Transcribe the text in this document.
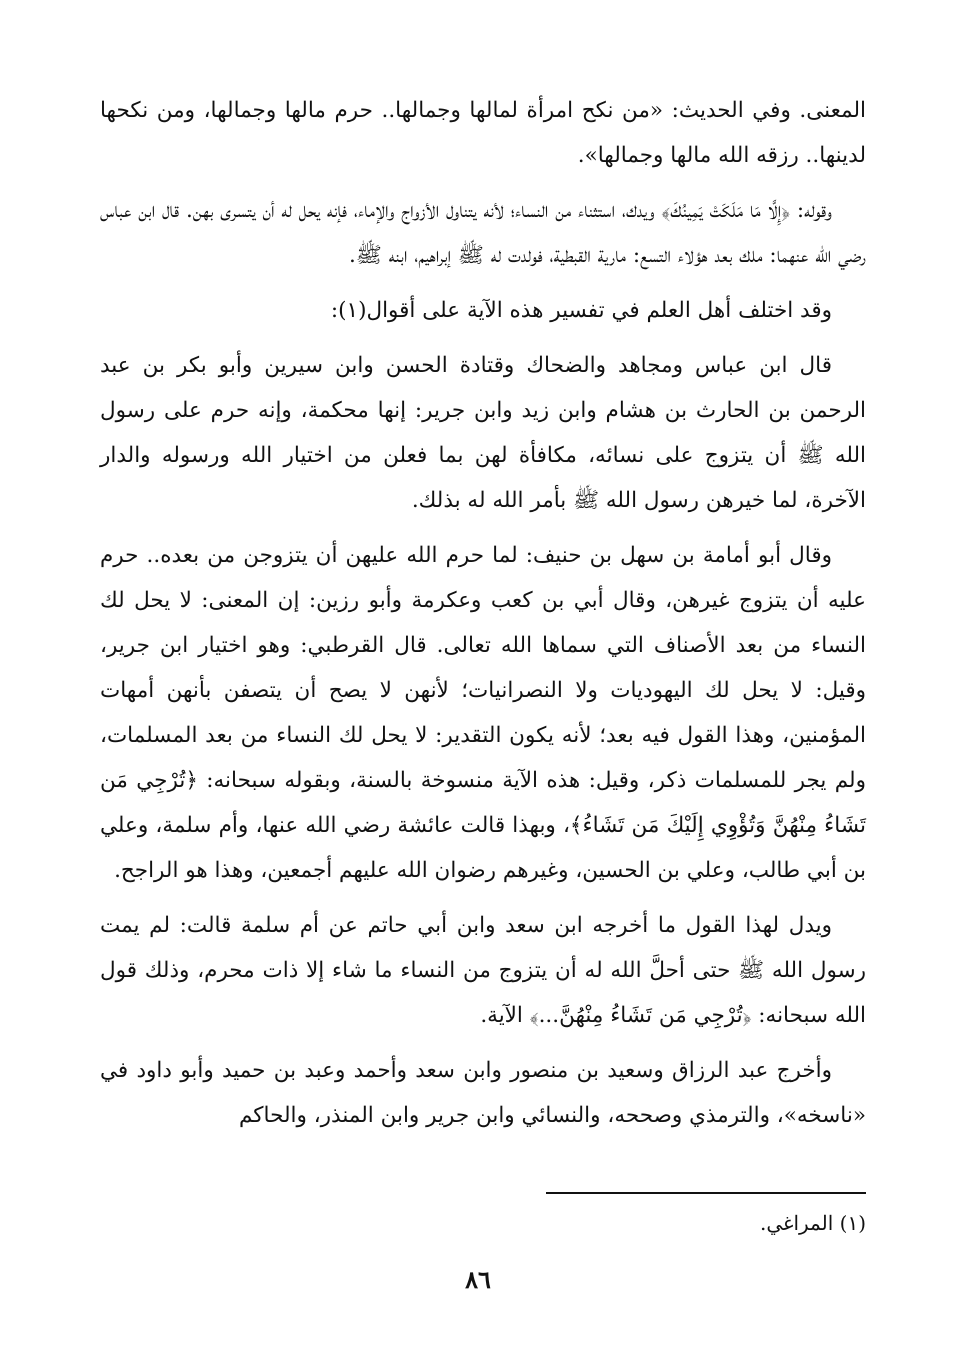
المعنى. وفي الحديث: «من نكح امرأة لمالها وجمالها.. حرم مالها وجمالها، ومن نكحها لدينها.. رزقه الله مالها وجمالها».

وقوله: ﴿إِلَّا مَا مَلَكَتْ يَمِينُكَ﴾ ويدك، استثناء من النساء؛ لأنه يتناول الأزواج والإماء، فإنه يحل له أن يتسرى بهن. قال ابن عباس رضي الله عنهما: ملك بعد هؤلاء التسع: مارية القبطية، فولدت له ﷺ إبراهيم، ابنه ﷺ.

وقد اختلف أهل العلم في تفسير هذه الآية على أقوال(١):

قال ابن عباس ومجاهد والضحاك وقتادة الحسن وابن سيرين وأبو بكر بن عبد الرحمن بن الحارث بن هشام وابن زيد وابن جرير: إنها محكمة، وإنه حرم على رسول الله ﷺ أن يتزوج على نسائه، مكافأة لهن بما فعلن من اختيار الله ورسوله والدار الآخرة، لما خيرهن رسول الله ﷺ بأمر الله له بذلك.

وقال أبو أمامة بن سهل بن حنيف: لما حرم الله عليهن أن يتزوجن من بعده.. حرم عليه أن يتزوج غيرهن، وقال أبي بن كعب وعكرمة وأبو رزين: إن المعنى: لا يحل لك النساء من بعد الأصناف التي سماها الله تعالى. قال القرطبي: وهو اختيار ابن جرير، وقيل: لا يحل لك اليهوديات ولا النصرانيات؛ لأنهن لا يصح أن يتصفن بأنهن أمهات المؤمنين، وهذا القول فيه بعد؛ لأنه يكون التقدير: لا يحل لك النساء من بعد المسلمات، ولم يجر للمسلمات ذكر، وقيل: هذه الآية منسوخة بالسنة، وبقوله سبحانه: ﴿تُرْجِي مَن تَشَاءُ مِنْهُنَّ وَتُؤْوِي إِلَيْكَ مَن تَشَاءُ﴾، وبهذا قالت عائشة رضي الله عنها، وأم سلمة، وعلي بن أبي طالب، وعلي بن الحسين، وغيرهم رضوان الله عليهم أجمعين، وهذا هو الراجح.

ويدل لهذا القول ما أخرجه ابن سعد وابن أبي حاتم عن أم سلمة قالت: لم يمت رسول الله ﷺ حتى أحلَّ الله له أن يتزوج من النساء ما شاء إلا ذات محرم، وذلك قول الله سبحانه: ﴿تُرْجِي مَن تَشَاءُ مِنْهُنَّ...﴾ الآية.

وأخرج عبد الرزاق وسعيد بن منصور وابن سعد وأحمد وعبد بن حميد وأبو داود في «ناسخه»، والترمذي وصححه، والنسائي وابن جرير وابن المنذر، والحاكم

(١) المراغي.
٨٦
